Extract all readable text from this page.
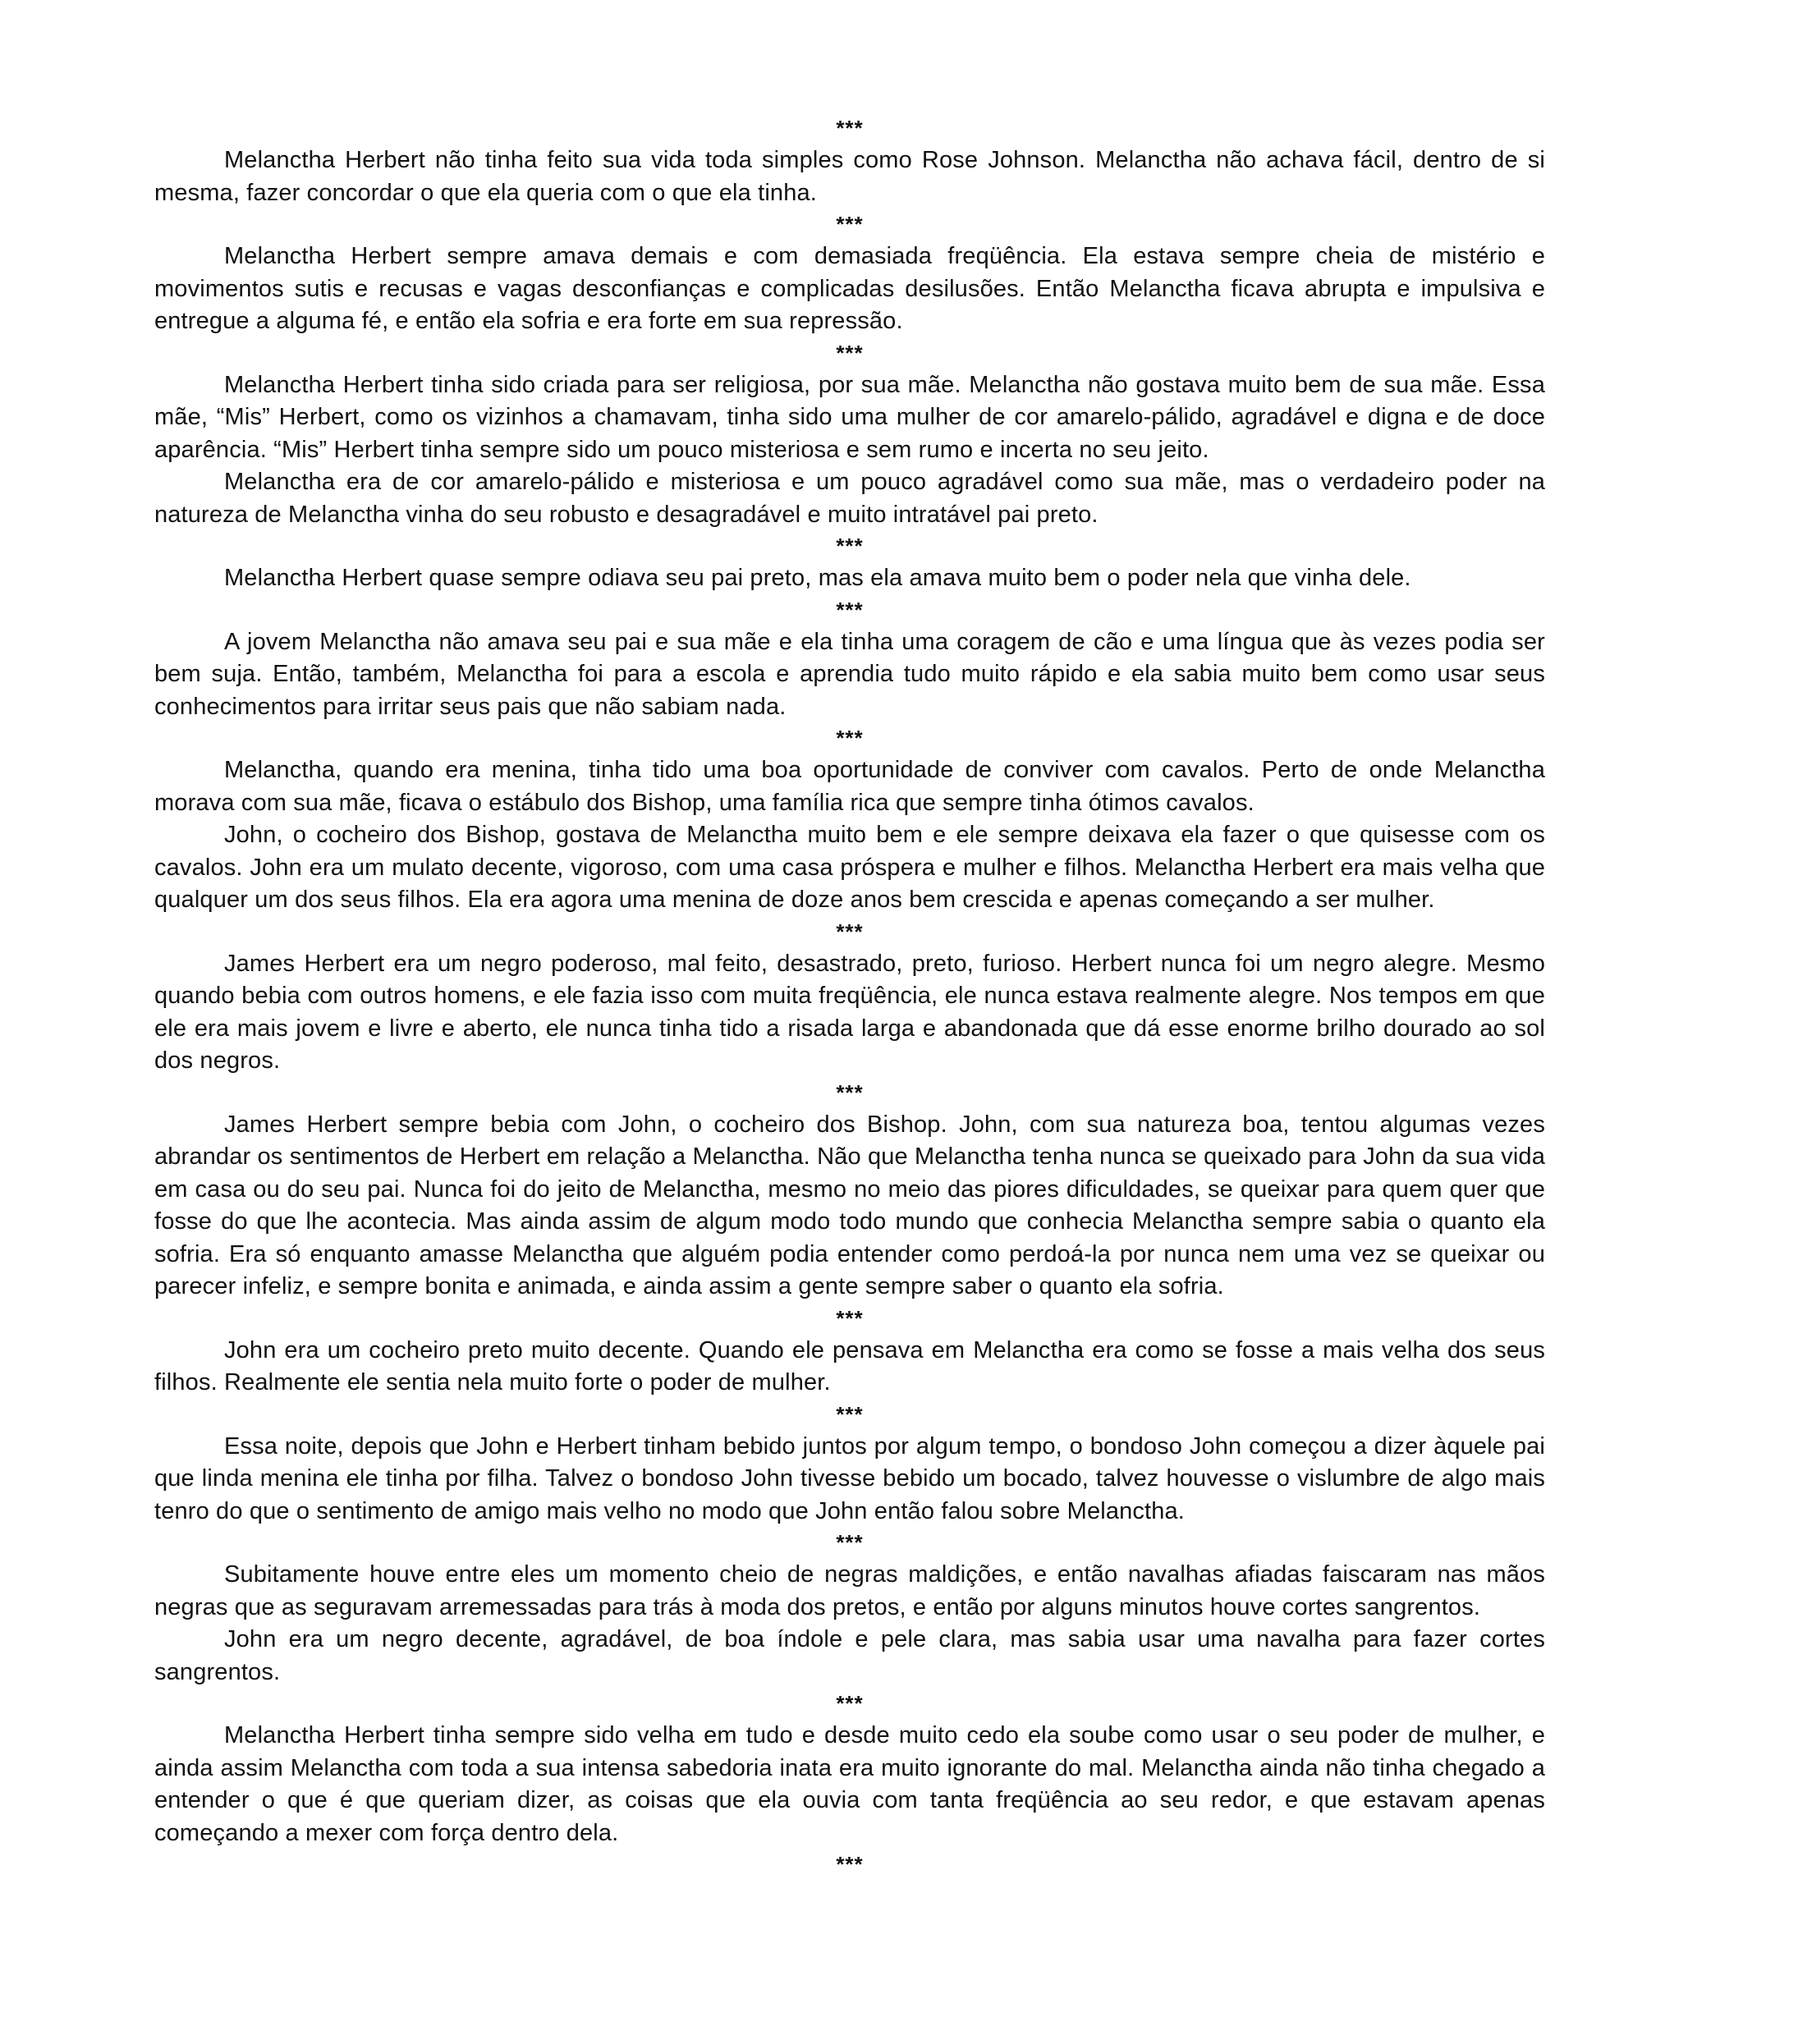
***

Melanctha Herbert não tinha feito sua vida toda simples como Rose Johnson. Melanctha não achava fácil, dentro de si mesma, fazer concordar o que ela queria com o que ela tinha.

***

Melanctha Herbert sempre amava demais e com demasiada freqüência. Ela estava sempre cheia de mistério e movimentos sutis e recusas e vagas desconfianças e complicadas desilusões. Então Melanctha ficava abrupta e impulsiva e entregue a alguma fé, e então ela sofria e era forte em sua repressão.

***

Melanctha Herbert tinha sido criada para ser religiosa, por sua mãe. Melanctha não gostava muito bem de sua mãe. Essa mãe, “Mis” Herbert, como os vizinhos a chamavam, tinha sido uma mulher de cor amarelo-pálido, agradável e digna e de doce aparência. “Mis” Herbert tinha sempre sido um pouco misteriosa e sem rumo e incerta no seu jeito.

Melanctha era de cor amarelo-pálido e misteriosa e um pouco agradável como sua mãe, mas o verdadeiro poder na natureza de Melanctha vinha do seu robusto e desagradável e muito intratável pai preto.

***

Melanctha Herbert quase sempre odiava seu pai preto, mas ela amava muito bem o poder nela que vinha dele.

***

A jovem Melanctha não amava seu pai e sua mãe e ela tinha uma coragem de cão e uma língua que às vezes podia ser bem suja. Então, também, Melanctha foi para a escola e aprendia tudo muito rápido e ela sabia muito bem como usar seus conhecimentos para irritar seus pais que não sabiam nada.

***

Melanctha, quando era menina, tinha tido uma boa oportunidade de conviver com cavalos. Perto de onde Melanctha morava com sua mãe, ficava o estábulo dos Bishop, uma família rica que sempre tinha ótimos cavalos.

John, o cocheiro dos Bishop, gostava de Melanctha muito bem e ele sempre deixava ela fazer o que quisesse com os cavalos. John era um mulato decente, vigoroso, com uma casa próspera e mulher e filhos. Melanctha Herbert era mais velha que qualquer um dos seus filhos. Ela era agora uma menina de doze anos bem crescida e apenas começando a ser mulher.

***

James Herbert era um negro poderoso, mal feito, desastrado, preto, furioso. Herbert nunca foi um negro alegre. Mesmo quando bebia com outros homens, e ele fazia isso com muita freqüência, ele nunca estava realmente alegre. Nos tempos em que ele era mais jovem e livre e aberto, ele nunca tinha tido a risada larga e abandonada que dá esse enorme brilho dourado ao sol dos negros.

***

James Herbert sempre bebia com John, o cocheiro dos Bishop. John, com sua natureza boa, tentou algumas vezes abrandar os sentimentos de Herbert em relação a Melanctha. Não que Melanctha tenha nunca se queixado para John da sua vida em casa ou do seu pai. Nunca foi do jeito de Melanctha, mesmo no meio das piores dificuldades, se queixar para quem quer que fosse do que lhe acontecia. Mas ainda assim de algum modo todo mundo que conhecia Melanctha sempre sabia o quanto ela sofria. Era só enquanto amasse Melanctha que alguém podia entender como perdoá-la por nunca nem uma vez se queixar ou parecer infeliz, e sempre bonita e animada, e ainda assim a gente sempre saber o quanto ela sofria.

***

John era um cocheiro preto muito decente. Quando ele pensava em Melanctha era como se fosse a mais velha dos seus filhos. Realmente ele sentia nela muito forte o poder de mulher.

***

Essa noite, depois que John e Herbert tinham bebido juntos por algum tempo, o bondoso John começou a dizer àquele pai que linda menina ele tinha por filha. Talvez o bondoso John tivesse bebido um bocado, talvez houvesse o vislumbre de algo mais tenro do que o sentimento de amigo mais velho no modo que John então falou sobre Melanctha.

***

Subitamente houve entre eles um momento cheio de negras maldições, e então navalhas afiadas faiscaram nas mãos negras que as seguravam arremessadas para trás à moda dos pretos, e então por alguns minutos houve cortes sangrentos.

John era um negro decente, agradável, de boa índole e pele clara, mas sabia usar uma navalha para fazer cortes sangrentos.

***

Melanctha Herbert tinha sempre sido velha em tudo e desde muito cedo ela soube como usar o seu poder de mulher, e ainda assim Melanctha com toda a sua intensa sabedoria inata era muito ignorante do mal. Melanctha ainda não tinha chegado a entender o que é que queriam dizer, as coisas que ela ouvia com tanta freqüência ao seu redor, e que estavam apenas começando a mexer com força dentro dela.

***
